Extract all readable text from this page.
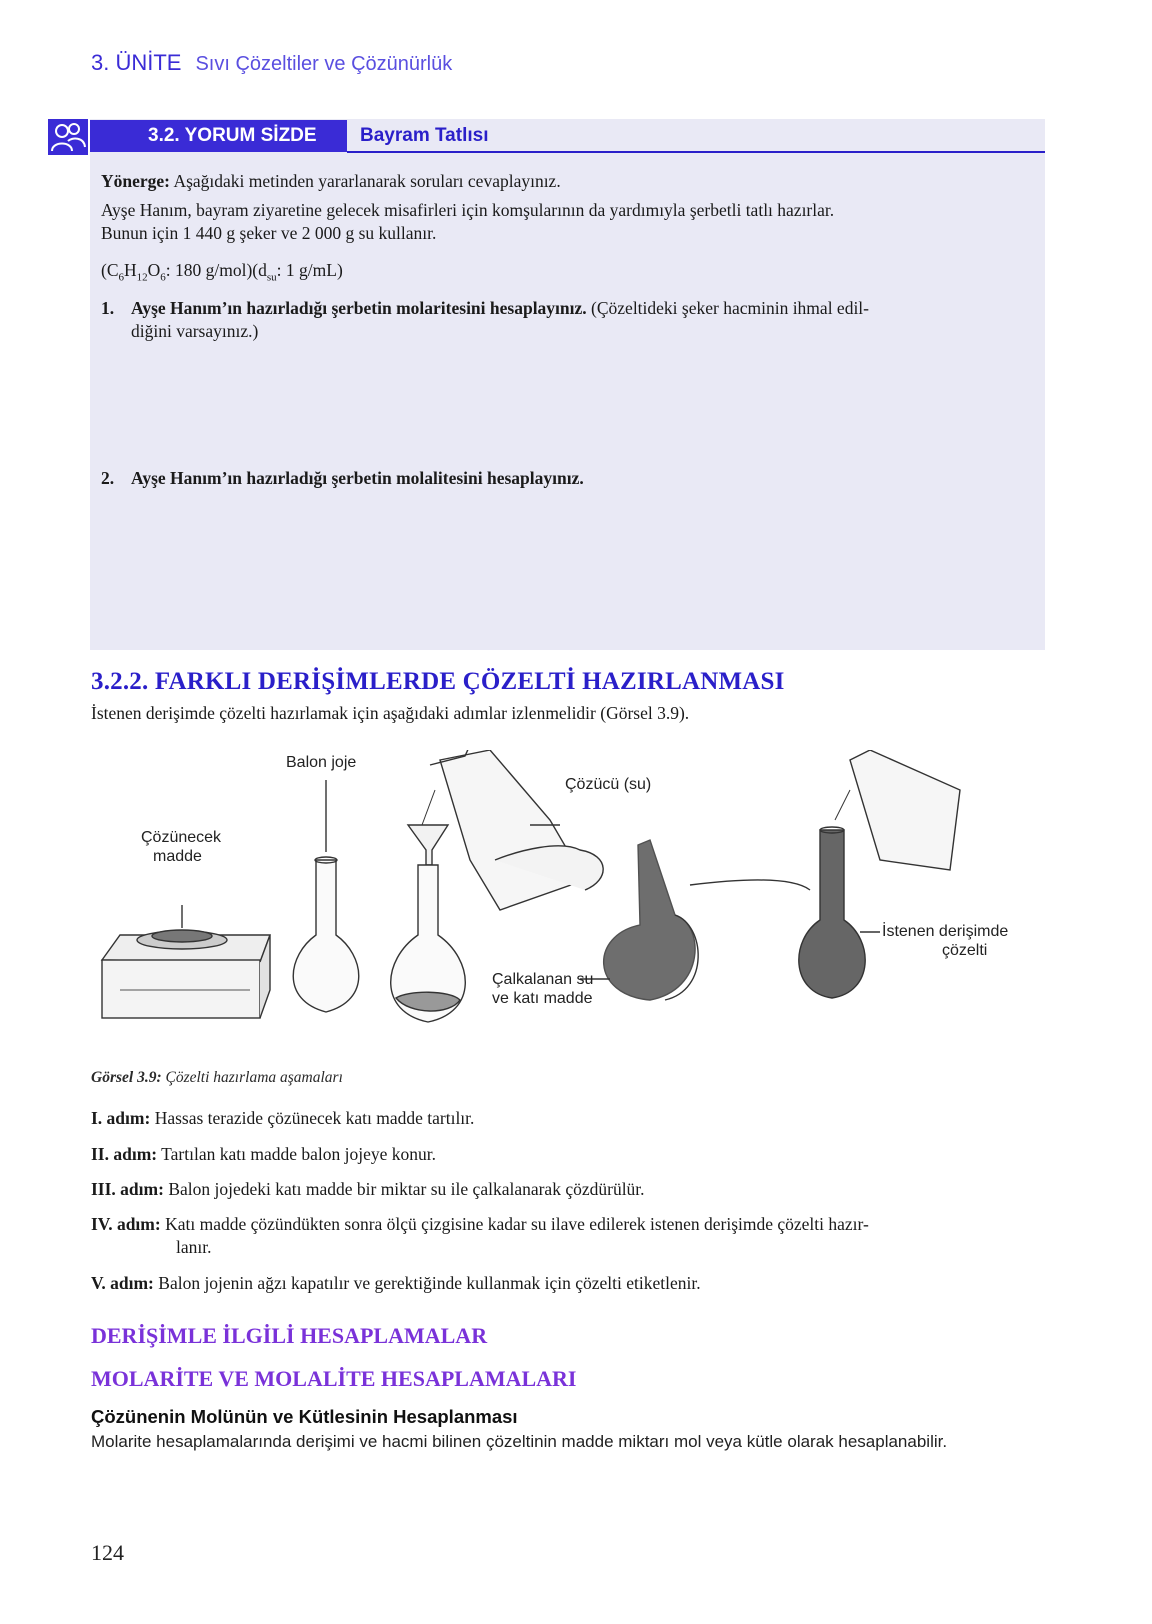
3. ÜNİTE Sıvı Çözeltiler ve Çözünürlük
3.2. YORUM SİZDE Bayram Tatlısı
Yönerge: Aşağıdaki metinden yararlanarak soruları cevaplayınız.
Ayşe Hanım, bayram ziyaretine gelecek misafirleri için komşularının da yardımıyla şerbetli tatlı hazırlar.
Bunun için 1 440 g şeker ve 2 000 g su kullanır.
($C_6H_{12}O_6$: 180 $g/mol)(d_{su}$: 1 g/mL)
1. Ayşe Hanım’ın hazırladığı şerbetin molaritesini hesaplayınız. (Çözeltideki şeker hacminin ihmal edil-
diğini varsayınız.)
2. Ayşe Hanım’ın hazırladığı şerbetin molalitesini hesaplayınız.
3.2.2. FARKLI DERİŞİMLERDE ÇÖZELTİ HAZIRLANMASI
İstenen derişimde çözelti hazırlamak için aşağıdaki adımlar izlenmelidir (Görsel 3.9).
Balon joje
Çözücü (su)
Çözünecek
madde
İstenen derişimde
çözelti
Çalkalanan su
ve katı madde
Görsel 3.9: Çözelti hazırlama aşamaları
I. adım: Hassas terazide çözünecek katı madde tartılır.
II. adım: Tartılan katı madde balon jojeye konur.
III. adım: Balon jojedeki katı madde bir miktar su ile çalkalanarak çözdürülür.
IV. adım: Katı madde çözündükten sonra ölçü çizgisine kadar su ilave edilerek istenen derişimde çözelti hazır-
lanır.
V. adım: Balon jojenin ağzı kapatılır ve gerektiğinde kullanmak için çözelti etiketlenir.
DERİŞİMLE İLGİLİ HESAPLAMALAR
MOLARİTE VE MOLALİTE HESAPLAMALARI
Çözünenin Molünün ve Kütlesinin Hesaplanması
Molarite hesaplamalarında derişimi ve hacmi bilinen çözeltinin madde miktarı mol veya kütle olarak hesaplanabilir.
124
